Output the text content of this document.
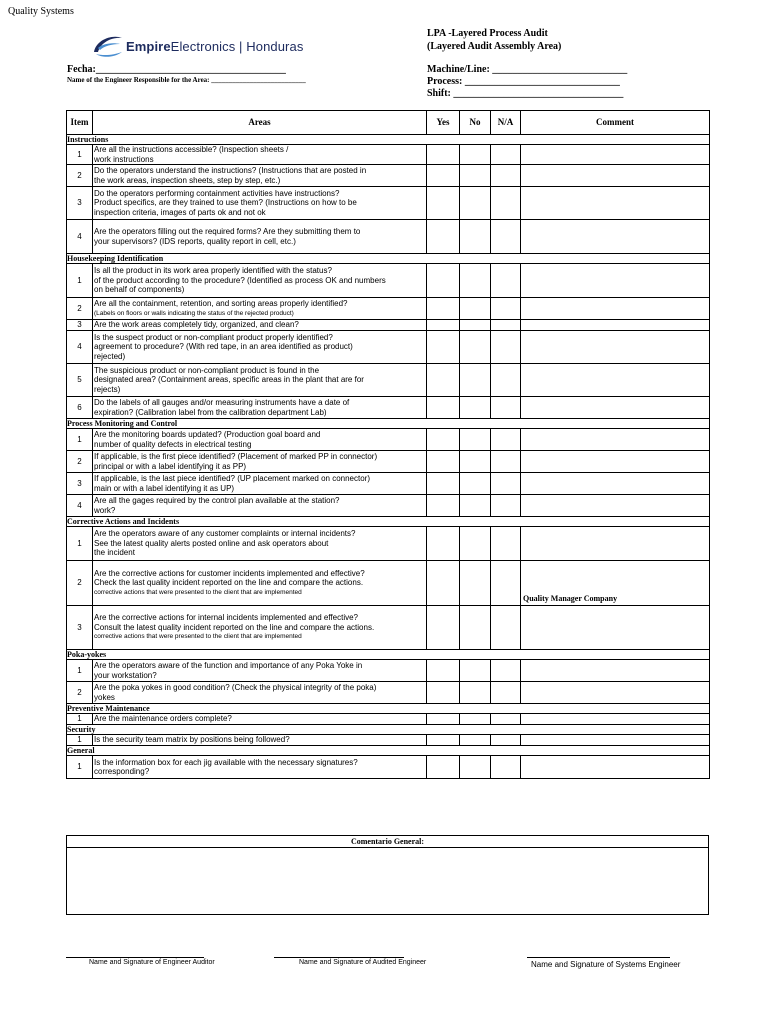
Quality Systems
EmpireElectronics | Honduras
Fecha:______________________________________
Name of the Engineer Responsible for the Area: ___________________________
LPA -Layered Process Audit
(Layered Audit Assembly Area)
Machine/Line: ___________________________
Process: _______________________________
Shift: __________________________________
Item	Areas	Yes	No	N/A	Comment
Instructions					
1	Are all the instructions accessible? (Inspection sheets /
work instructions				

2	Do the operators understand the instructions? (Instructions that are posted in
the work areas, inspection sheets, step by step, etc.)				

3	Do the operators performing containment activities have instructions?
Product specifics, are they trained to use them? (Instructions on how to be
inspection criteria, images of parts ok and not ok				

4	Are the operators filling out the required forms? Are they submitting them to
your supervisors? (IDS reports, quality report in cell, etc.)				

Housekeeping Identification					
1	Is all the product in its work area properly identified with the status?
of the product according to the procedure? (Identified as process OK and numbers
on behalf of components)				

2	Are all the containment, retention, and sorting areas properly identified?
(Labels on floors or walls indicating the status of the rejected product)				

3	Are the work areas completely tidy, organized, and clean?				

4	Is the suspect product or non-compliant product properly identified?
agreement to procedure? (With red tape, in an area identified as product)
rejected)				

5	The suspicious product or non-compliant product is found in the
designated area? (Containment areas, specific areas in the plant that are for
rejects)				

6	Do the labels of all gauges and/or measuring instruments have a date of
expiration? (Calibration label from the calibration department Lab)				

Process Monitoring and Control					
1	Are the monitoring boards updated? (Production goal board and
number of quality defects in electrical testing				

2	If applicable, is the first piece identified? (Placement of marked PP in connector)
principal or with a label identifying it as PP)				

3	If applicable, is the last piece identified? (UP placement marked on connector)
main or with a label identifying it as UP)				

4	Are all the gages required by the control plan available at the station?
work?				

Corrective Actions and Incidents					
1	Are the operators aware of any customer complaints or internal incidents?
See the latest quality alerts posted online and ask operators about
the incident				

2	Are the corrective actions for customer incidents implemented and effective?
Check the last quality incident reported on the line and compare the actions.
corrective actions that were presented to the client that are implemented				Quality Manager Company
3	Are the corrective actions for internal incidents implemented and effective?
Consult the latest quality incident reported on the line and compare the actions.
corrective actions that were presented to the client that are implemented				

Poka-yokes					
1	Are the operators aware of the function and importance of any Poka Yoke in
your workstation?				

2	Are the poka yokes in good condition? (Check the physical integrity of the poka)
yokes				

Preventive Maintenance					
1	Are the maintenance orders complete?				

Security					
1	Is the security team matrix by positions being followed?				

General					
1	Is the information box for each jig available with the necessary signatures?
corresponding?				

Comentario General:
Name and Signature of Engineer Auditor	Name and Signature of Audited Engineer	Name and Signature of Systems Engineer
